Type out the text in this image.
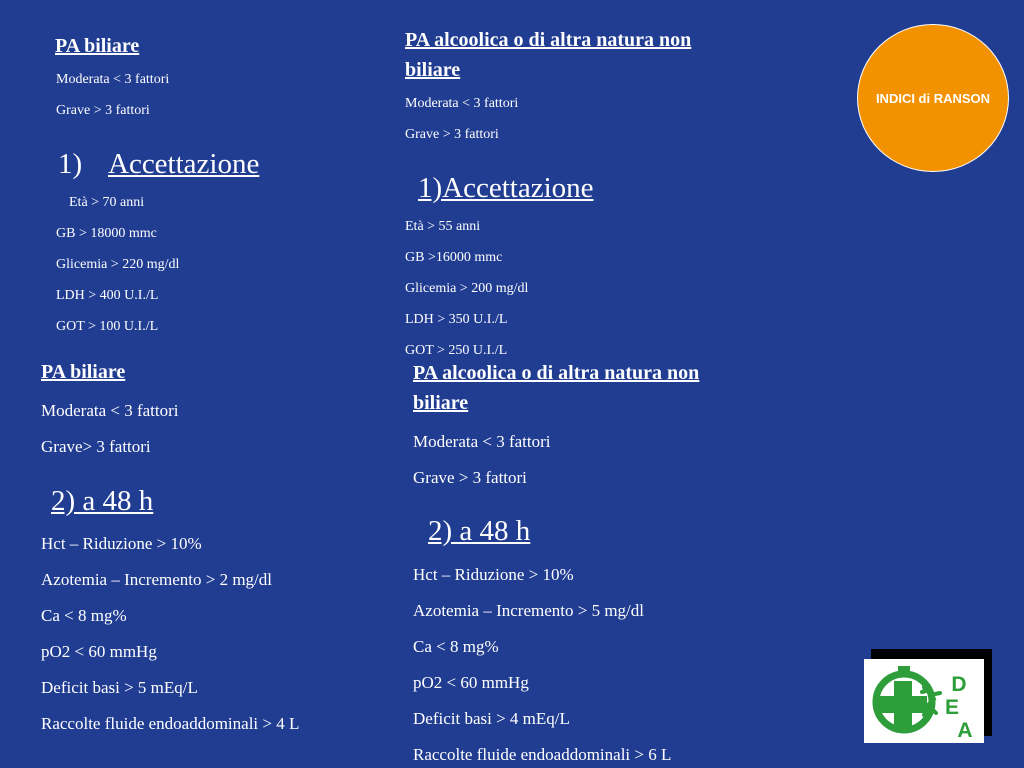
PA biliare
Moderata < 3 fattori
Grave > 3 fattori
1) Accettazione
Età > 70 anni
GB > 18000 mmc
Glicemia > 220 mg/dl
LDH > 400 U.I./L
GOT > 100 U.I./L
PA alcoolica o di altra natura non
biliare
Moderata < 3 fattori
Grave > 3 fattori
1)Accettazione
Età > 55 anni
GB >16000 mmc
Glicemia > 200 mg/dl
LDH > 350 U.I./L
GOT > 250 U.I./L
PA biliare
Moderata < 3 fattori
Grave> 3 fattori
2) a 48 h
Hct – Riduzione > 10%
Azotemia – Incremento > 2 mg/dl
Ca < 8 mg%
pO2 < 60 mmHg
Deficit basi > 5 mEq/L
Raccolte fluide endoaddominali > 4 L
PA alcoolica o di altra natura non
biliare
Moderata < 3 fattori
Grave > 3 fattori
2) a 48 h
Hct – Riduzione > 10%
Azotemia – Incremento > 5 mg/dl
Ca < 8 mg%
pO2 < 60 mmHg
Deficit basi > 4 mEq/L
Raccolte fluide endoaddominali > 6 L
INDICI di RANSON
D
E
A
